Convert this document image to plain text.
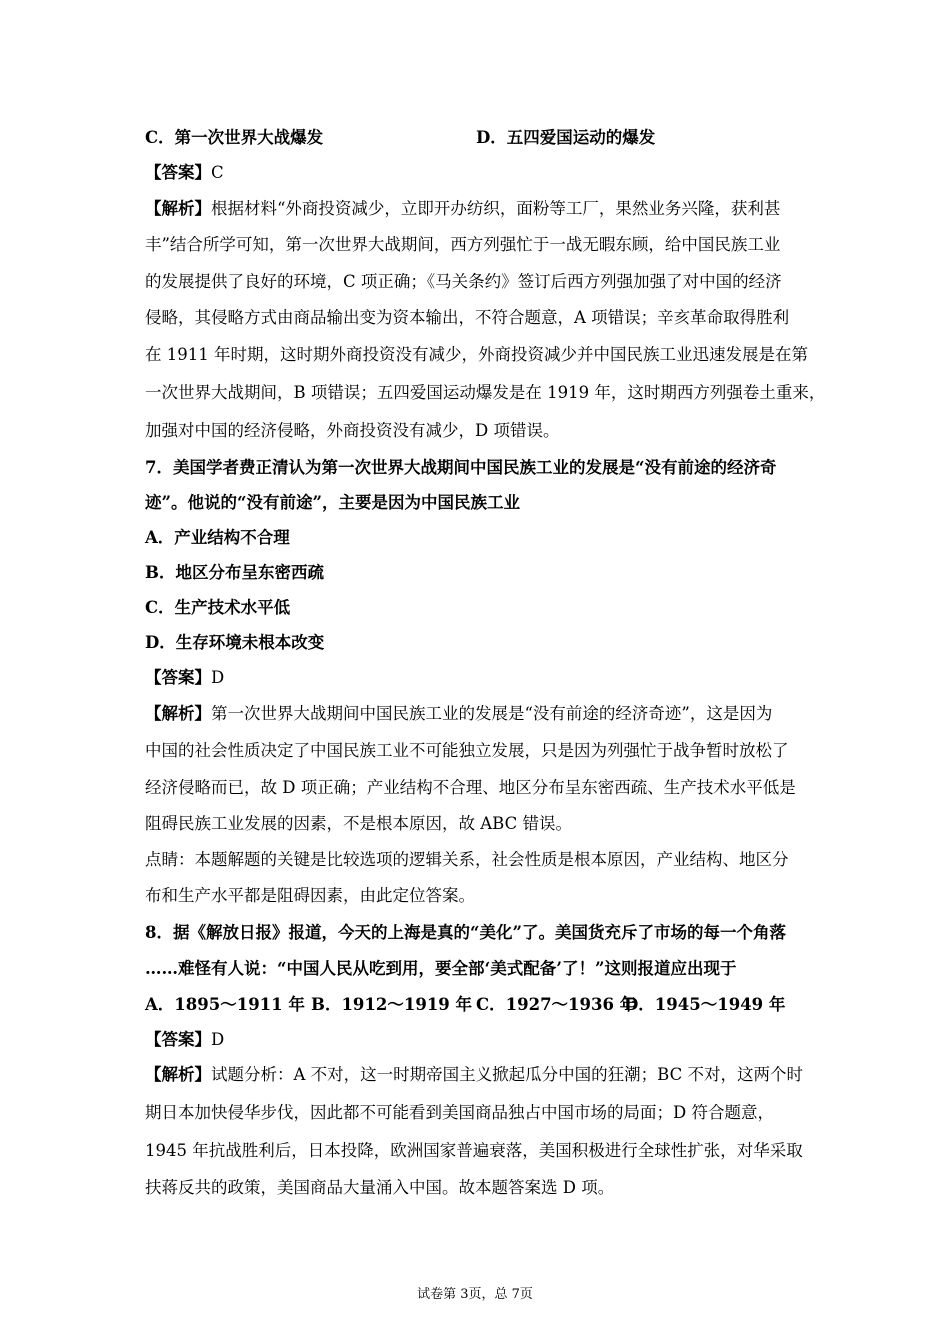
C．第一次世界大战爆发	D．五四爱国运动的爆发
【答案】C
【解析】根据材料“外商投资减少，立即开办纺织，面粉等工厂，果然业务兴隆，获利甚
丰”结合所学可知，第一次世界大战期间，西方列强忙于一战无暇东顾，给中国民族工业
的发展提供了良好的环境，C 项正确；《马关条约》签订后西方列强加强了对中国的经济
侵略，其侵略方式由商品输出变为资本输出，不符合题意，A 项错误；辛亥革命取得胜利
在 1911 年时期，这时期外商投资没有减少，外商投资减少并中国民族工业迅速发展是在第
一次世界大战期间，B 项错误；五四爱国运动爆发是在 1919 年，这时期西方列强卷土重来，
加强对中国的经济侵略，外商投资没有减少，D 项错误。
7．美国学者费正清认为第一次世界大战期间中国民族工业的发展是“没有前途的经济奇
迹”。他说的“没有前途”，主要是因为中国民族工业
A．产业结构不合理
B．地区分布呈东密西疏
C．生产技术水平低
D．生存环境未根本改变
【答案】D
【解析】第一次世界大战期间中国民族工业的发展是“没有前途的经济奇迹”，这是因为
中国的社会性质决定了中国民族工业不可能独立发展，只是因为列强忙于战争暂时放松了
经济侵略而已，故 D 项正确；产业结构不合理、地区分布呈东密西疏、生产技术水平低是
阻碍民族工业发展的因素，不是根本原因，故 ABC 错误。
点睛：本题解题的关键是比较选项的逻辑关系，社会性质是根本原因，产业结构、地区分
布和生产水平都是阻碍因素，由此定位答案。
8．据《解放日报》报道，今天的上海是真的“美化”了。美国货充斥了市场的每一个角落
……难怪有人说：“中国人民从吃到用，要全部‘美式配备’了！”这则报道应出现于
A．1895～1911 年 B．1912～1919 年 C．1927～1936 年
D．1945～1949 年
【答案】D
【解析】试题分析：A 不对，这一时期帝国主义掀起瓜分中国的狂潮；BC 不对，这两个时
期日本加快侵华步伐，因此都不可能看到美国商品独占中国市场的局面；D 符合题意，
1945 年抗战胜利后，日本投降，欧洲国家普遍衰落，美国积极进行全球性扩张，对华采取
扶蒋反共的政策，美国商品大量涌入中国。故本题答案选 D 项。
试卷第 3页，总 7页
